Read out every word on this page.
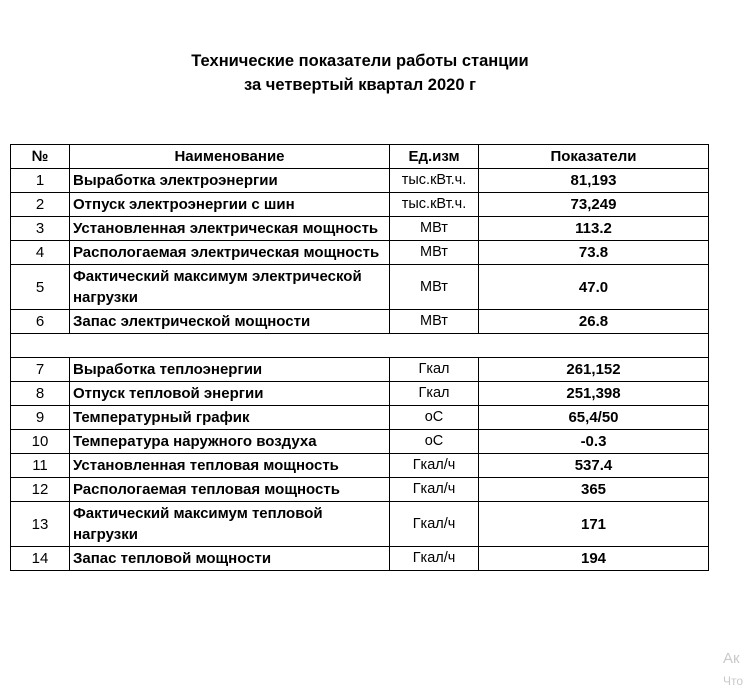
Технические показатели работы станции
за четвертый квартал 2020 г
№	Наименование	Ед.изм	Показатели
1	Выработка электроэнергии	тыс.кВт.ч.	81,193
2	Отпуск электроэнергии с шин	тыс.кВт.ч.	73,249
3	Установленная электрическая мощность	МВт	113.2
4	Распологаемая электрическая мощность	МВт	73.8
5	Фактический максимум электрической нагрузки	МВт	47.0
6	Запас электрической мощности	МВт	26.8

7	Выработка теплоэнергии	Гкал	261,152
8	Отпуск тепловой энергии	Гкал	251,398
9	Температурный график	оС	65,4/50
10	Температура наружного воздуха	оС	-0.3
11	Установленная тепловая мощность	Гкал/ч	537.4
12	Распологаемая тепловая мощность	Гкал/ч	365
13	Фактический максимум тепловой нагрузки	Гкал/ч	171
14	Запас тепловой мощности	Гкал/ч	194
Ак
Что
